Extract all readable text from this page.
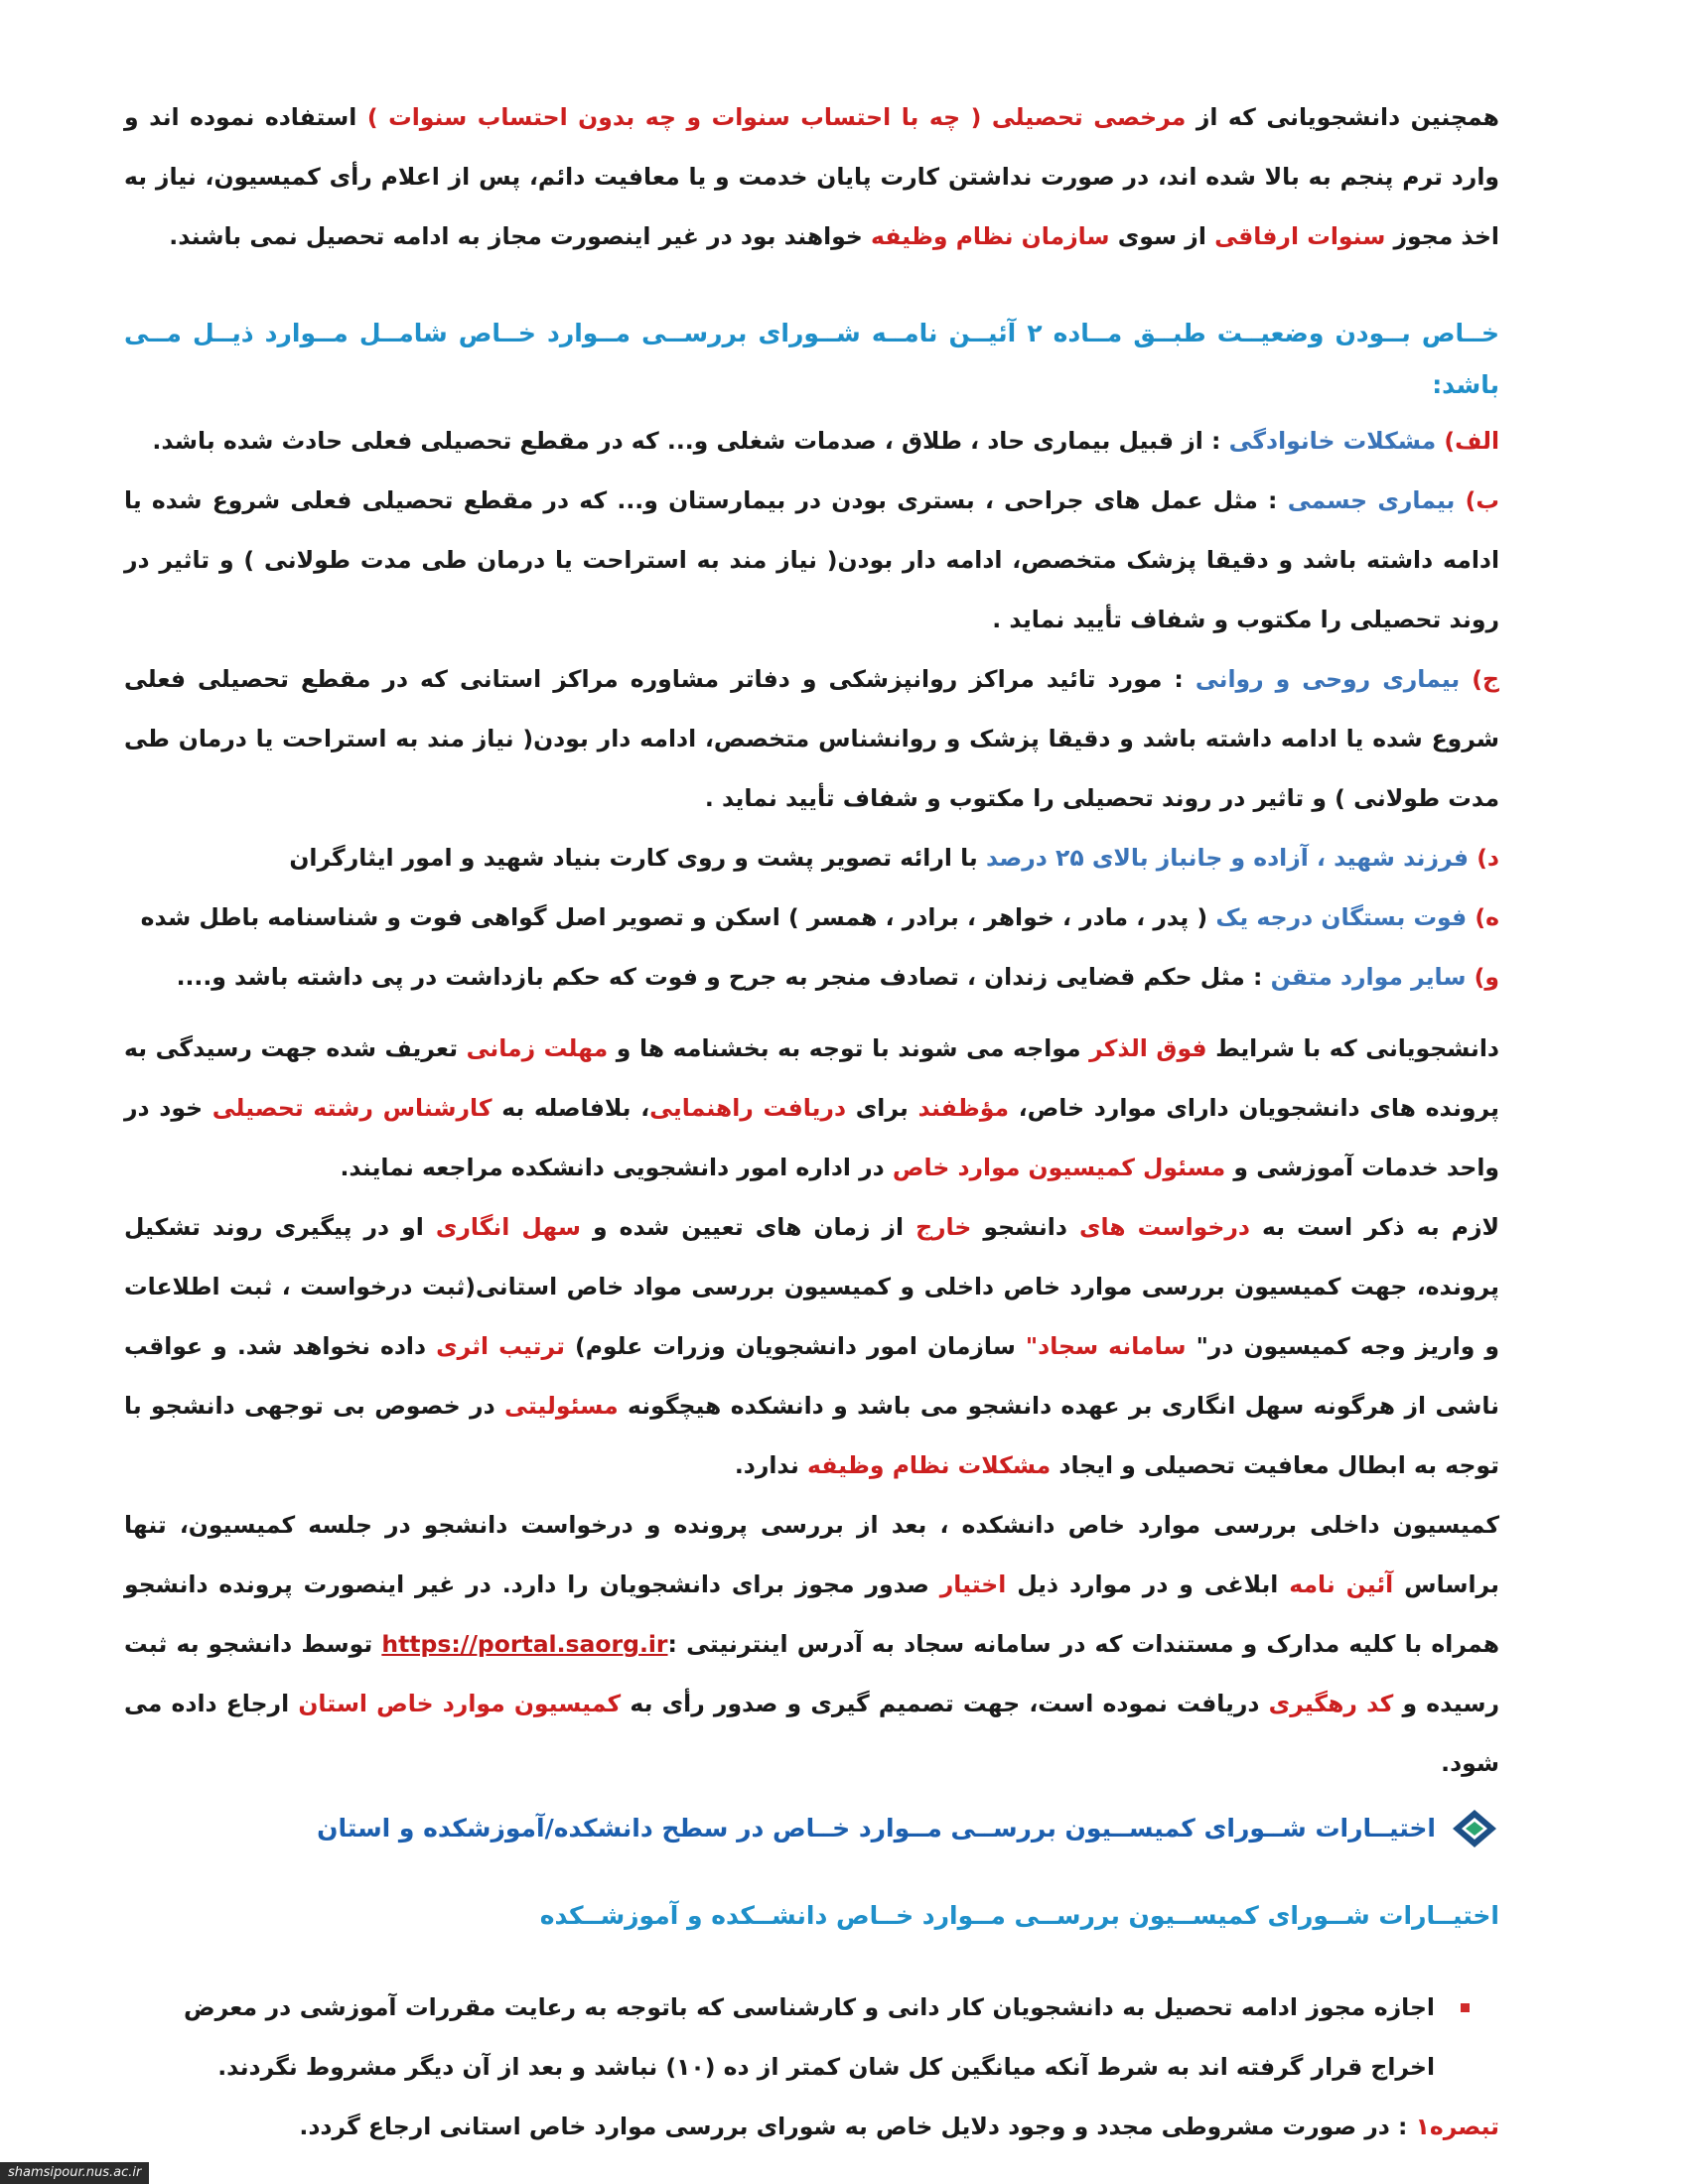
همچنین دانشجویانی که از مرخصی تحصیلی ( چه با احتساب سنوات و چه بدون احتساب سنوات ) استفاده نموده اند و وارد ترم پنجم به بالا شده اند، در صورت نداشتن کارت پایان خدمت و یا معافیت دائم، پس از اعلام رأی کمیسیون، نیاز به اخذ مجوز سنوات ارفاقی از سوی سازمان نظام وظیفه خواهند بود در غیر اینصورت مجاز به ادامه تحصیل نمی باشند.

خــاص بــودن وضعیــت طبــق مــاده ۲ آئیــن نامــه شــورای بررســی مــوارد خــاص شامــل مــوارد ذیــل مــی باشد:

الف) مشکلات خانوادگی : از قبیل بیماری حاد ، طلاق ، صدمات شغلی و... که در مقطع تحصیلی فعلی حادث شده باشد.

ب) بیماری جسمی : مثل عمل های جراحی ، بستری بودن در بیمارستان و... که در مقطع تحصیلی فعلی شروع شده یا ادامه داشته باشد و دقیقا پزشک متخصص، ادامه دار بودن( نیاز مند به استراحت یا درمان طی مدت طولانی ) و تاثیر در روند تحصیلی را مکتوب و شفاف تأیید نماید .

ج) بیماری روحی و روانی : مورد تائید مراکز روانپزشکی و دفاتر مشاوره مراکز استانی که در مقطع تحصیلی فعلی شروع شده یا ادامه داشته باشد و دقیقا پزشک و روانشناس متخصص، ادامه دار بودن( نیاز مند به استراحت یا درمان طی مدت طولانی ) و تاثیر در روند تحصیلی را مکتوب و شفاف تأیید نماید .

د) فرزند شهید ، آزاده و جانباز بالای ۲۵ درصد با ارائه تصویر پشت و روی کارت بنیاد شهید و امور ایثارگران

ه) فوت بستگان درجه یک ( پدر ، مادر ، خواهر ، برادر ، همسر ) اسکن و تصویر اصل گواهی فوت و شناسنامه باطل شده

و) سایر موارد متقن : مثل حکم قضایی زندان ، تصادف منجر به جرح و فوت که حکم بازداشت در پی داشته باشد و....

دانشجویانی که با شرایط فوق الذکر مواجه می شوند با توجه به بخشنامه ها و مهلت زمانی تعریف شده جهت رسیدگی به پرونده های دانشجویان دارای موارد خاص، مؤظفند برای دریافت راهنمایی، بلافاصله به کارشناس رشته تحصیلی خود در واحد خدمات آموزشی و مسئول کمیسیون موارد خاص در اداره امور دانشجویی دانشکده مراجعه نمایند.

لازم به ذکر است به درخواست های دانشجو خارج از زمان های تعیین شده و سهل انگاری او در پیگیری روند تشکیل پرونده، جهت کمیسیون بررسی موارد خاص داخلی و کمیسیون بررسی مواد خاص استانی(ثبت درخواست ، ثبت اطلاعات و واریز وجه کمیسیون در" سامانه سجاد" سازمان امور دانشجویان وزرات علوم) ترتیب اثری داده نخواهد شد. و عواقب ناشی از هرگونه سهل انگاری بر عهده دانشجو می باشد و دانشکده هیچگونه مسئولیتی در خصوص بی توجهی دانشجو با توجه به ابطال معافیت تحصیلی و ایجاد مشکلات نظام وظیفه ندارد.

کمیسیون داخلی بررسی موارد خاص دانشکده ، بعد از بررسی پرونده و درخواست دانشجو در جلسه کمیسیون، تنها براساس آئین نامه ابلاغی و در موارد ذیل اختیار صدور مجوز برای دانشجویان را دارد. در غیر اینصورت پرونده دانشجو همراه با کلیه مدارک و مستندات که در سامانه سجاد به آدرس اینترنیتی :https://portal.saorg.ir توسط دانشجو به ثبت رسیده و کد رهگیری دریافت نموده است، جهت تصمیم گیری و صدور رأی به کمیسیون موارد خاص استان ارجاع داده می شود.

اختیــارات شــورای کمیســیون بررســی مــوارد خــاص در سطح دانشکده/آموزشکده و استان

اختیــارات شــورای کمیســیون بررســی مــوارد خــاص دانشــکده و آموزشــکده

اجازه مجوز ادامه تحصیل به دانشجویان کار دانی و کارشناسی که باتوجه به رعایت مقررات آموزشی در معرض اخراج قرار گرفته اند به شرط آنکه میانگین کل شان کمتر از ده (۱۰) نباشد و بعد از آن دیگر مشروط نگردند.

تبصره۱ : در صورت مشروطی مجدد و وجود دلایل خاص به شورای بررسی موارد خاص استانی ارجاع گردد.

shamsipour.nus.ac.ir
